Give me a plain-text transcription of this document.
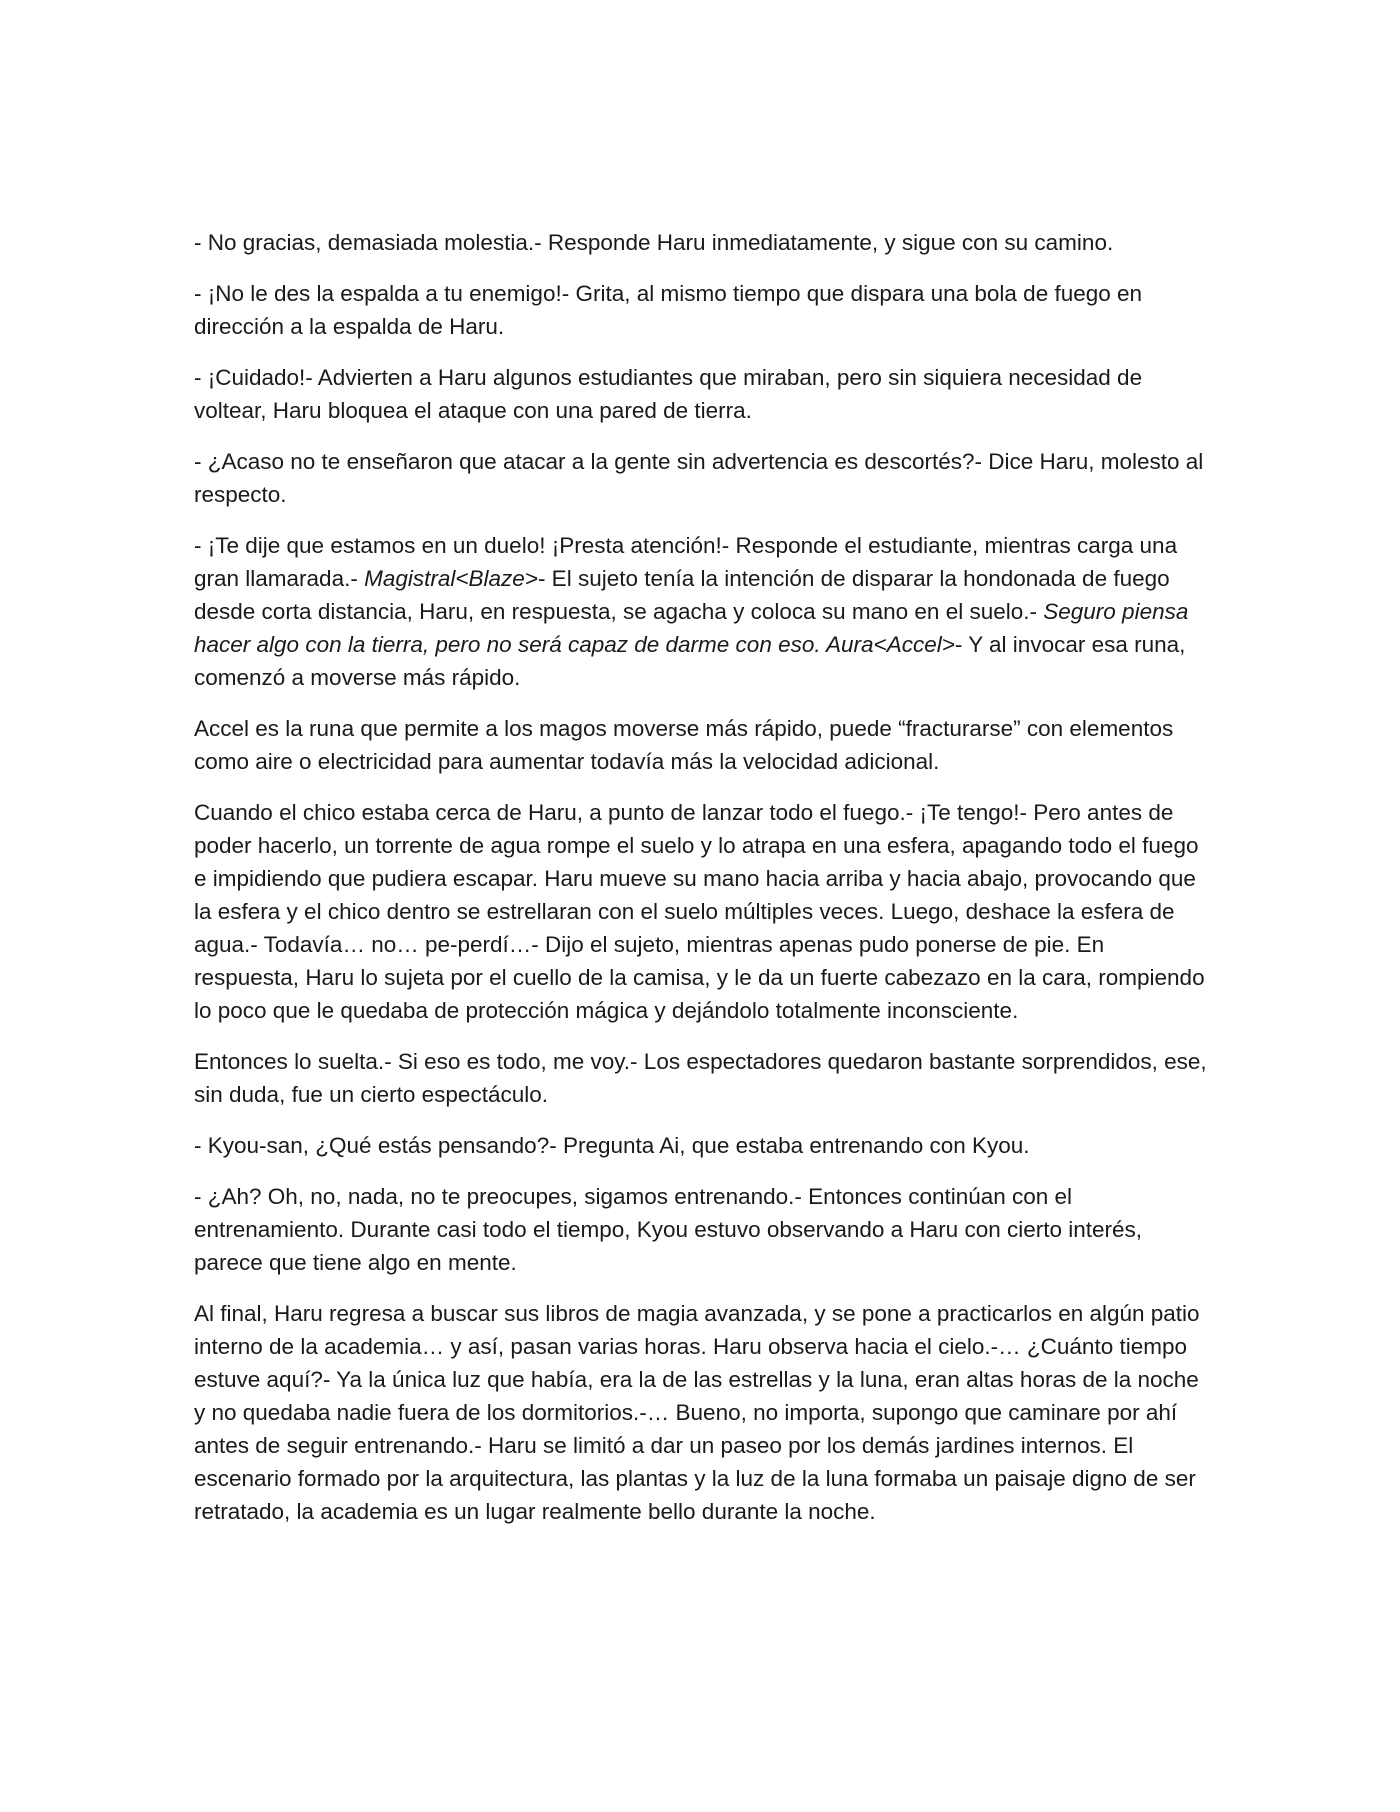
- No gracias, demasiada molestia.- Responde Haru inmediatamente, y sigue con su camino.

- ¡No le des la espalda a tu enemigo!- Grita, al mismo tiempo que dispara una bola de fuego en dirección a la espalda de Haru.

- ¡Cuidado!- Advierten a Haru algunos estudiantes que miraban, pero sin siquiera necesidad de voltear, Haru bloquea el ataque con una pared de tierra.

- ¿Acaso no te enseñaron que atacar a la gente sin advertencia es descortés?- Dice Haru, molesto al respecto.

- ¡Te dije que estamos en un duelo! ¡Presta atención!- Responde el estudiante, mientras carga una gran llamarada.- Magistral<Blaze>- El sujeto tenía la intención de disparar la hondonada de fuego desde corta distancia, Haru, en respuesta, se agacha y coloca su mano en el suelo.- Seguro piensa hacer algo con la tierra, pero no será capaz de darme con eso. Aura<Accel>- Y al invocar esa runa, comenzó a moverse más rápido.

Accel es la runa que permite a los magos moverse más rápido, puede “fracturarse” con elementos como aire o electricidad para aumentar todavía más la velocidad adicional.

Cuando el chico estaba cerca de Haru, a punto de lanzar todo el fuego.- ¡Te tengo!- Pero antes de poder hacerlo, un torrente de agua rompe el suelo y lo atrapa en una esfera, apagando todo el fuego e impidiendo que pudiera escapar. Haru mueve su mano hacia arriba y hacia abajo, provocando que la esfera y el chico dentro se estrellaran con el suelo múltiples veces. Luego, deshace la esfera de agua.- Todavía… no… pe-perdí…- Dijo el sujeto, mientras apenas pudo ponerse de pie. En respuesta, Haru lo sujeta por el cuello de la camisa, y le da un fuerte cabezazo en la cara, rompiendo lo poco que le quedaba de protección mágica y dejándolo totalmente inconsciente.

Entonces lo suelta.- Si eso es todo, me voy.- Los espectadores quedaron bastante sorprendidos, ese, sin duda, fue un cierto espectáculo.

- Kyou-san, ¿Qué estás pensando?- Pregunta Ai, que estaba entrenando con Kyou.

- ¿Ah? Oh, no, nada, no te preocupes, sigamos entrenando.- Entonces continúan con el entrenamiento. Durante casi todo el tiempo, Kyou estuvo observando a Haru con cierto interés, parece que tiene algo en mente.

Al final, Haru regresa a buscar sus libros de magia avanzada, y se pone a practicarlos en algún patio interno de la academia… y así, pasan varias horas. Haru observa hacia el cielo.-… ¿Cuánto tiempo estuve aquí?- Ya la única luz que había, era la de las estrellas y la luna, eran altas horas de la noche y no quedaba nadie fuera de los dormitorios.-… Bueno, no importa, supongo que caminare por ahí antes de seguir entrenando.- Haru se limitó a dar un paseo por los demás jardines internos. El escenario formado por la arquitectura, las plantas y la luz de la luna formaba un paisaje digno de ser retratado, la academia es un lugar realmente bello durante la noche.
